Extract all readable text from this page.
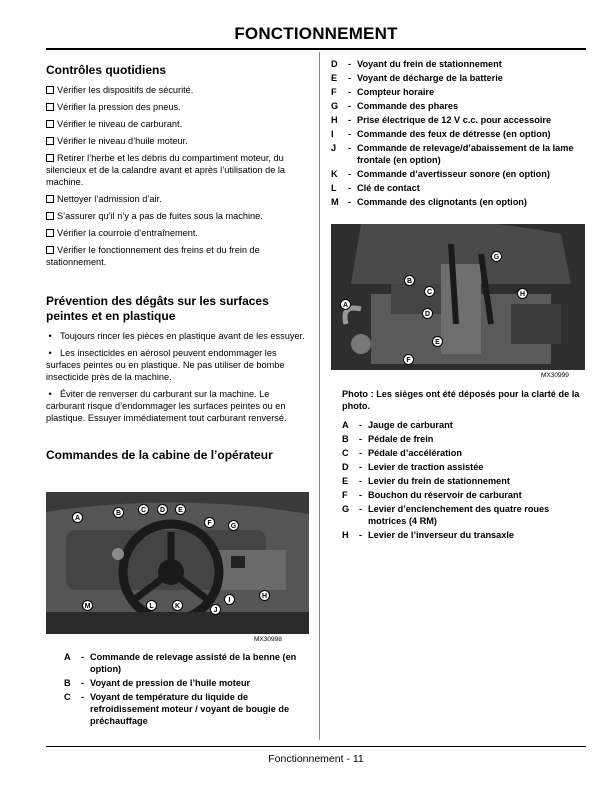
FONCTIONNEMENT
Contrôles quotidiens
Vérifier les dispositifs de sécurité.
Vérifier la pression des pneus.
Vérifier le niveau de carburant.
Vérifier le niveau d’huile moteur.
Retirer l’herbe et les débris du compartiment moteur, du silencieux et de la calandre avant et après l’utilisation de la machine.
Nettoyer l’admission d’air.
S’assurer qu’il n’y a pas de fuites sous la machine.
Vérifier la courroie d’entraînement.
Vérifier le fonctionnement des freins et du frein de stationnement.
Prévention des dégâts sur les surfaces peintes et en plastique
• Toujours rincer les pièces en plastique avant de les essuyer.
• Les insecticides en aérosol peuvent endommager les surfaces peintes ou en plastique. Ne pas utiliser de bombe insecticide près de la machine.
• Éviter de renverser du carburant sur la machine. Le carburant risque d’endommager les surfaces peintes ou en plastique. Essuyer immédiatement tout carburant renversé.
Commandes de la cabine de l’opérateur
A
B	C	D	E
F	G
H
I
J
K
L
M
MX30998
A	- Commande de relevage assisté de la benne (en option)
B	- Voyant de pression de l’huile moteur
C	- Voyant de température du liquide de refroidissement moteur / voyant de bougie de préchauffage
D	- Voyant du frein de stationnement
E	- Voyant de décharge de la batterie
F	- Compteur horaire
G	- Commande des phares
H	- Prise électrique de 12 V c.c. pour accessoire
I	- Commande des feux de détresse (en option)
J	- Commande de relevage/d’abaissement de la lame frontale (en option)
K	- Commande d’avertisseur sonore (en option)
L	- Clé de contact
M	- Commande des clignotants (en option)
A
B
C
D
E
F
G
H
MX30999
Photo : Les sièges ont été déposés pour la clarté de la photo.
A	- Jauge de carburant
B	- Pédale de frein
C	- Pédale d’accélération
D	- Levier de traction assistée
E	- Levier du frein de stationnement
F	- Bouchon du réservoir de carburant
G	- Levier d’enclenchement des quatre roues motrices (4 RM)
H	- Levier de l’inverseur du transaxle
Fonctionnement - 11
